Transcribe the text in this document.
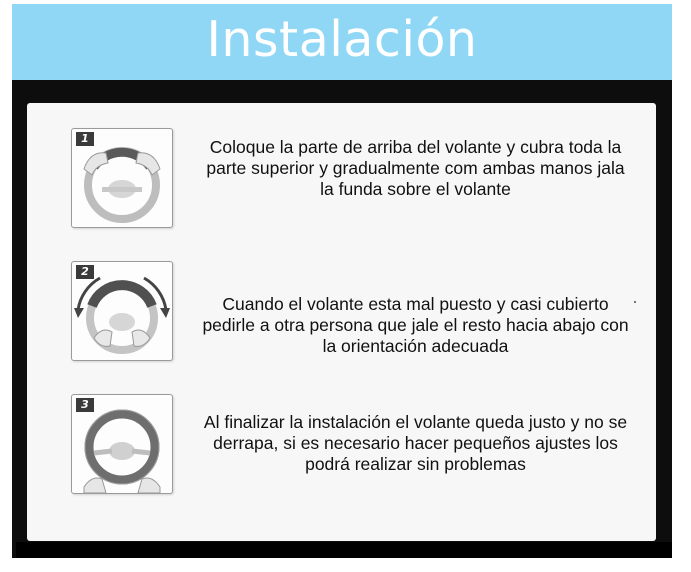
Instalación
1	Coloque la parte de arriba del volante y cubra toda la
parte superior y gradualmente com ambas manos jala
la funda sobre el volante
2
Cuando el volante esta mal puesto y casi cubierto
pedirle a otra persona que jale el resto hacia abajo con
la orientación adecuada
3
Al finalizar la instalación el volante queda justo y no se
derrapa, si es necesario hacer pequeños ajustes los
podrá realizar sin problemas
